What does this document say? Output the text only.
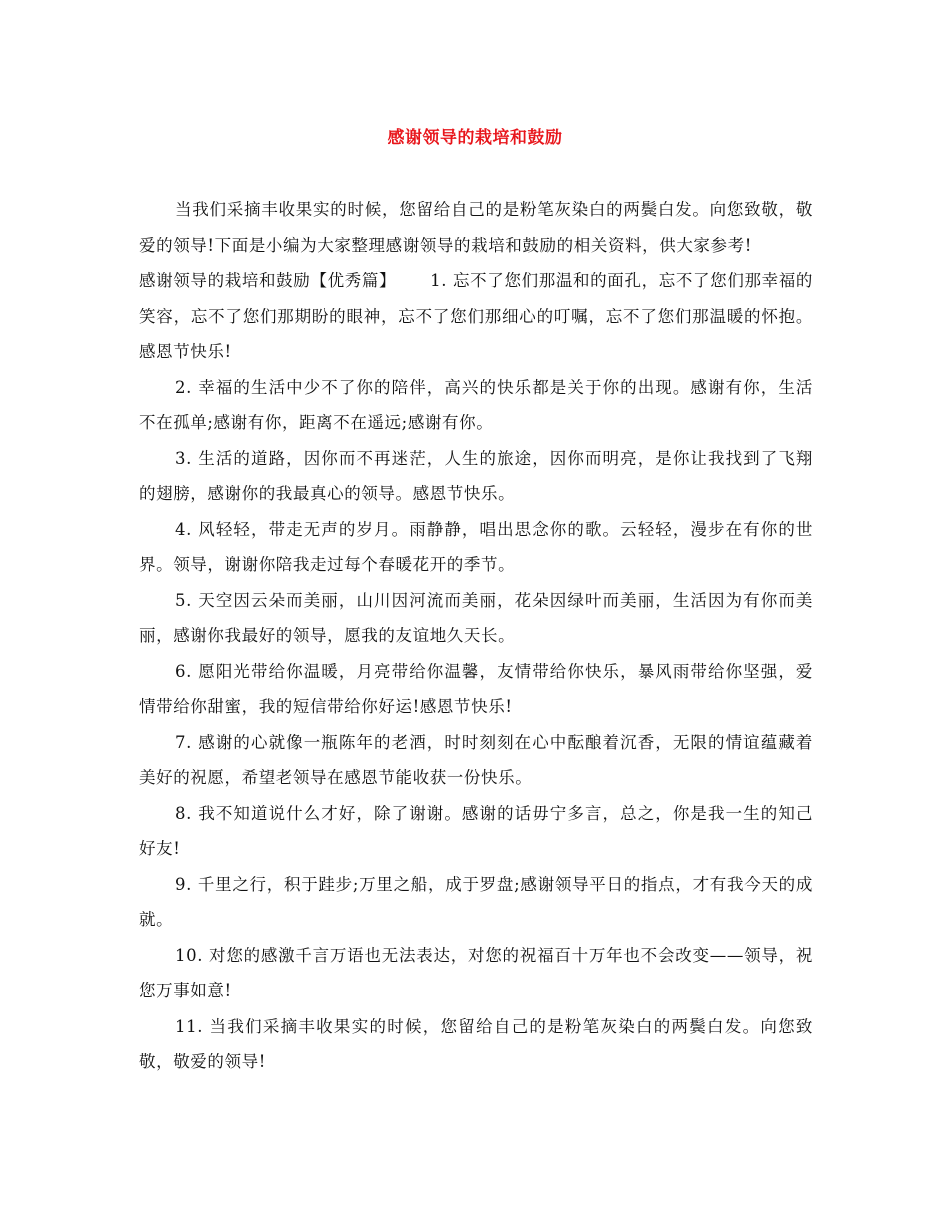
感谢领导的栽培和鼓励

当我们采摘丰收果实的时候，您留给自己的是粉笔灰染白的两鬓白发。向您致敬，敬爱的领导!下面是小编为大家整理感谢领导的栽培和鼓励的相关资料，供大家参考!

感谢领导的栽培和鼓励【优秀篇】 1. 忘不了您们那温和的面孔，忘不了您们那幸福的笑容，忘不了您们那期盼的眼神，忘不了您们那细心的叮嘱，忘不了您们那温暖的怀抱。感恩节快乐!

2. 幸福的生活中少不了你的陪伴，高兴的快乐都是关于你的出现。感谢有你，生活不在孤单;感谢有你，距离不在遥远;感谢有你。

3. 生活的道路，因你而不再迷茫，人生的旅途，因你而明亮，是你让我找到了飞翔的翅膀，感谢你的我最真心的领导。感恩节快乐。

4. 风轻轻，带走无声的岁月。雨静静，唱出思念你的歌。云轻轻，漫步在有你的世界。领导，谢谢你陪我走过每个春暖花开的季节。

5. 天空因云朵而美丽，山川因河流而美丽，花朵因绿叶而美丽，生活因为有你而美丽，感谢你我最好的领导，愿我的友谊地久天长。

6. 愿阳光带给你温暖，月亮带给你温馨，友情带给你快乐，暴风雨带给你坚强，爱情带给你甜蜜，我的短信带给你好运!感恩节快乐!

7. 感谢的心就像一瓶陈年的老酒，时时刻刻在心中酝酿着沉香，无限的情谊蕴藏着美好的祝愿，希望老领导在感恩节能收获一份快乐。

8. 我不知道说什么才好，除了谢谢。感谢的话毋宁多言，总之，你是我一生的知己好友!

9. 千里之行，积于跬步;万里之船，成于罗盘;感谢领导平日的指点，才有我今天的成就。

10. 对您的感激千言万语也无法表达，对您的祝福百十万年也不会改变——领导，祝您万事如意!

11. 当我们采摘丰收果实的时候，您留给自己的是粉笔灰染白的两鬓白发。向您致敬，敬爱的领导!
